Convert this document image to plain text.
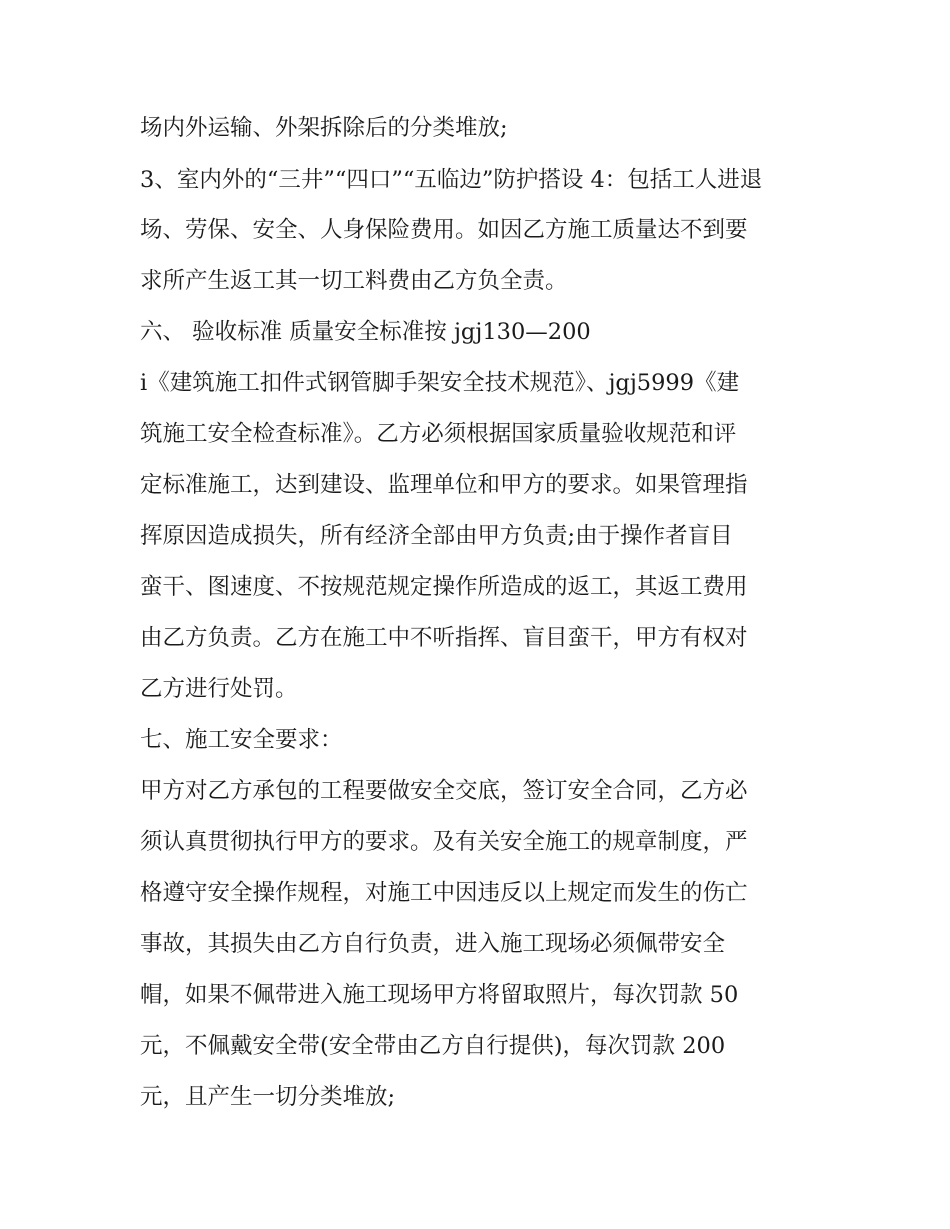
场内外运输、外架拆除后的分类堆放;

3、室内外的“三井”“四口”“五临边”防护搭设 4：包括工人进退

场、劳保、安全、人身保险费用。如因乙方施工质量达不到要

求所产生返工其一切工料费由乙方负全责。

六、 验收标准 质量安全标准按 jgj130—200

i《建筑施工扣件式钢管脚手架安全技术规范》、jgj5999《建

筑施工安全检查标准》。乙方必须根据国家质量验收规范和评

定标准施工，达到建设、监理单位和甲方的要求。如果管理指

挥原因造成损失，所有经济全部由甲方负责;由于操作者盲目

蛮干、图速度、不按规范规定操作所造成的返工，其返工费用

由乙方负责。乙方在施工中不听指挥、盲目蛮干，甲方有权对

乙方进行处罚。

七、施工安全要求：

甲方对乙方承包的工程要做安全交底，签订安全合同，乙方必

须认真贯彻执行甲方的要求。及有关安全施工的规章制度，严

格遵守安全操作规程，对施工中因违反以上规定而发生的伤亡

事故，其损失由乙方自行负责，进入施工现场必须佩带安全

帽，如果不佩带进入施工现场甲方将留取照片，每次罚款 50

元，不佩戴安全带(安全带由乙方自行提供)，每次罚款 200

元，且产生一切分类堆放;
